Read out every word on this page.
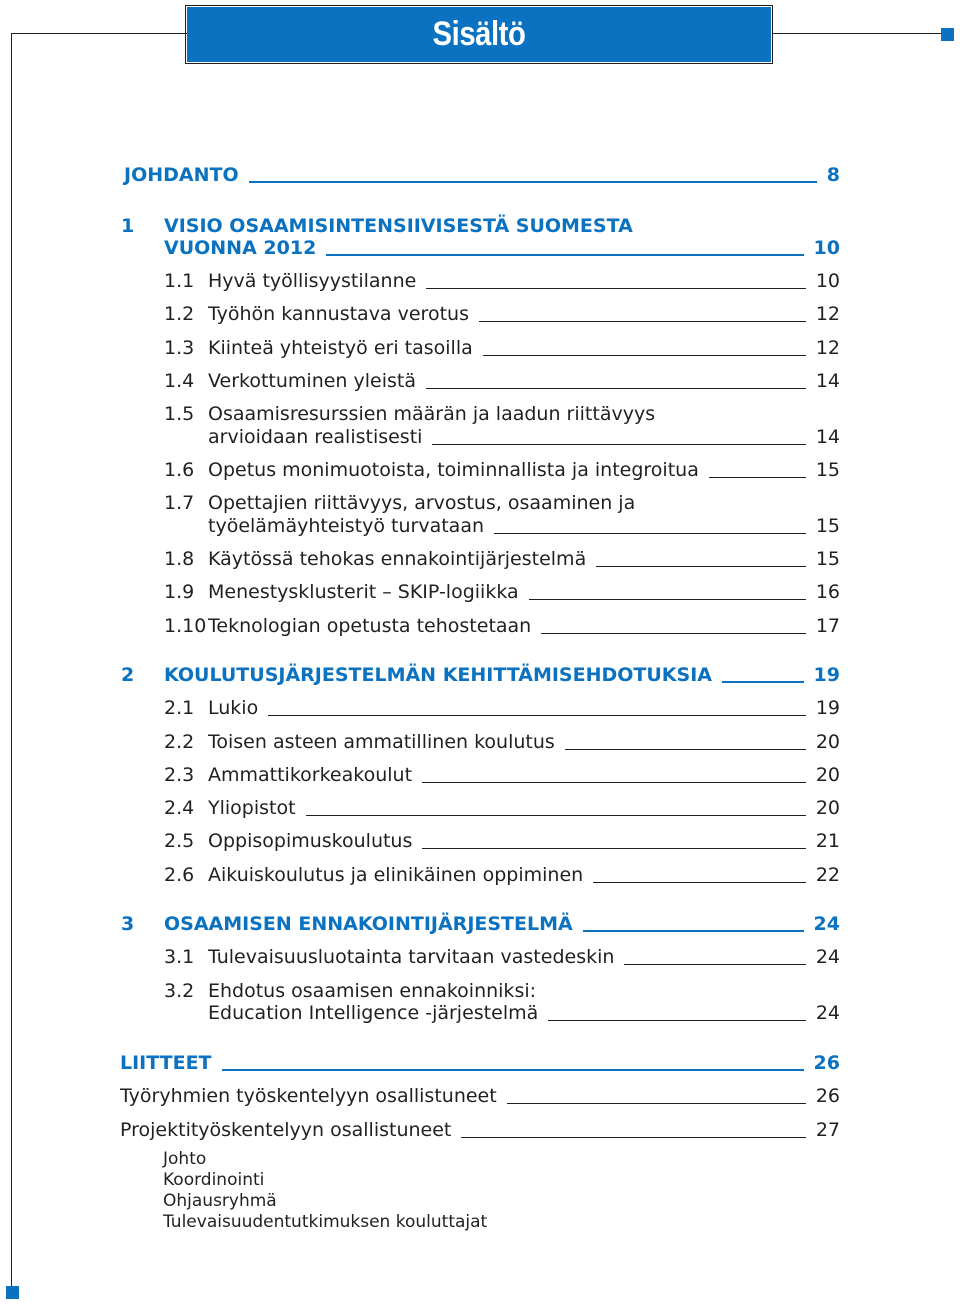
Sisältö
JOHDANTO	8
1 VISIO OSAAMISINTENSIIVISESTÄ SUOMESTA
VUONNA 2012	10
1.1 Hyvä työllisyystilanne	10
1.2 Työhön kannustava verotus	12
1.3 Kiinteä yhteistyö eri tasoilla	12
1.4 Verkottuminen yleistä	14
1.5 Osaamisresurssien määrän ja laadun riittävyys
arvioidaan realistisesti	14
1.6 Opetus monimuotoista, toiminnallista ja integroitua	15
1.7 Opettajien riittävyys, arvostus, osaaminen ja
työelämäyhteistyö turvataan	15
1.8 Käytössä tehokas ennakointijärjestelmä	15
1.9 Menestysklusterit – SKIP-logiikka	16
1.10 Teknologian opetusta tehostetaan	17
2	KOULUTUSJÄRJESTELMÄN KEHITTÄMISEHDOTUKSIA	19
2.1 Lukio	19
2.2 Toisen asteen ammatillinen koulutus	20
2.3 Ammattikorkeakoulut	20
2.4 Yliopistot	20
2.5 Oppisopimuskoulutus	21
2.6 Aikuiskoulutus ja elinikäinen oppiminen	22
3	OSAAMISEN ENNAKOINTIJÄRJESTELMÄ	24
3.1 Tulevaisuusluotainta tarvitaan vastedeskin	24
3.2 Ehdotus osaamisen ennakoinniksi:
Education Intelligence -järjestelmä	24
LIITTEET	26
Työryhmien työskentelyyn osallistuneet	26
Projektityöskentelyyn osallistuneet	27
Johto
Koordinointi
Ohjausryhmä
Tulevaisuudentutkimuksen kouluttajat
